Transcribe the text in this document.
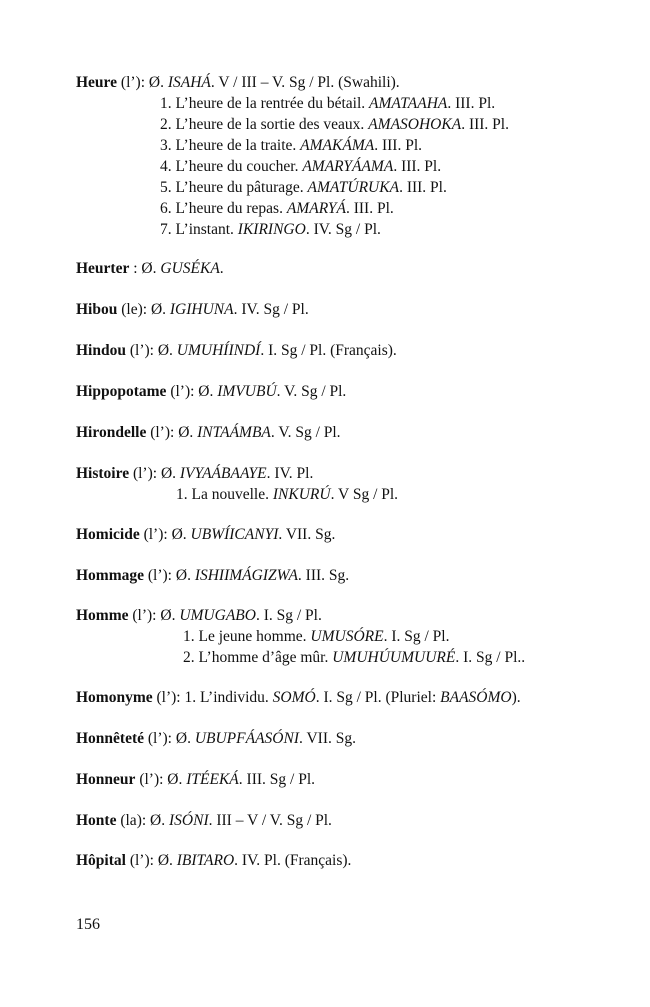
Heure (l’): Ø. ISAHÁ. V / III – V. Sg / Pl. (Swahili).
1. L’heure de la rentrée du bétail. AMATAAHA. III. Pl.
2. L’heure de la sortie des veaux. AMASOHOKA. III. Pl.
3. L’heure de la traite. AMAKÁMA. III. Pl.
4. L’heure du coucher. AMARYÁAMA. III. Pl.
5. L’heure du pâturage. AMATÚRUKA. III. Pl.
6. L’heure du repas. AMARYÁ. III. Pl.
7. L’instant. IKIRINGO. IV. Sg / Pl.
Heurter : Ø. GUSÉKA.
Hibou (le): Ø. IGIHUNA. IV. Sg / Pl.
Hindou (l’): Ø. UMUHÍINDÍ. I. Sg / Pl. (Français).
Hippopotame (l’): Ø. IMVUBÚ. V. Sg / Pl.
Hirondelle (l’): Ø. INTAÁMBA. V. Sg / Pl.
Histoire (l’): Ø. IVYAÁBAAYE. IV. Pl.
1. La nouvelle. INKURÚ. V Sg / Pl.
Homicide (l’): Ø. UBWÍICANYI. VII. Sg.
Hommage (l’): Ø. ISHIIMÁGIZWA. III. Sg.
Homme (l’): Ø. UMUGABO. I. Sg / Pl.
1. Le jeune homme. UMUSÓRE. I. Sg / Pl.
2. L’homme d’âge mûr. UMUHÚUMUURÉ. I. Sg / Pl..
Homonyme (l’): 1. L’individu. SOMÓ. I. Sg / Pl. (Pluriel: BAASÓMO).
Honnêteté (l’): Ø. UBUPFÁASÓNI. VII. Sg.
Honneur (l’): Ø. ITÉEKÁ. III. Sg / Pl.
Honte (la): Ø. ISÓNI. III – V / V. Sg / Pl.
Hôpital (l’): Ø. IBITARO. IV. Pl. (Français).
156
